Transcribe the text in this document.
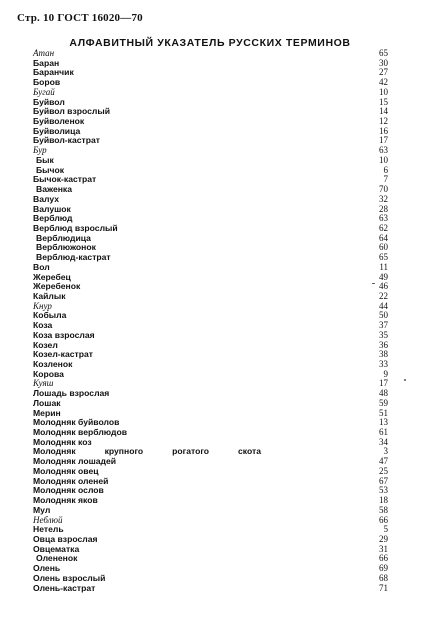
Стр. 10 ГОСТ 16020—70
АЛФАВИТНЫЙ УКАЗАТЕЛЬ РУССКИХ ТЕРМИНОВ
Атан	65
Баран	30
Баранчик	27
Боров	42
Бугай	10
Буйвол	15
Буйвол взрослый	14
Буйволенок	12
Буйволица	16
Буйвол-кастрат	17
Бур	63
Бык	10
Бычок	6
Бычок-кастрат	7
Важенка	70
Валух	32
Валушок	28
Верблюд	63
Верблюд взрослый	62
Верблюдица	64
Верблюжонок	60
Верблюд-кастрат	65
Вол	11
Жеребец	49
Жеребенок	46
Кайлык	22
Кнур	44
Кобыла	50
Коза	37
Коза взрослая	35
Козел	36
Козел-кастрат	38
Козленок	33
Корова	9
Куяш	17
Лошадь взрослая	48
Лошак	59
Мерин	51
Молодняк буйволов	13
Молодняк верблюдов	61
Молодняк коз	34
Молодняк	крупного	рогатого	скота	3
Молодняк лошадей	47
Молодняк овец	25
Молодняк оленей	67
Молодняк ослов	53
Молодняк яков	18
Мул	58
Неблюй	66
Нетель	5
Овца взрослая	29
Овцематка	31
Олененок	66
Олень	69
Олень взрослый	68
Олень-кастрат	71
